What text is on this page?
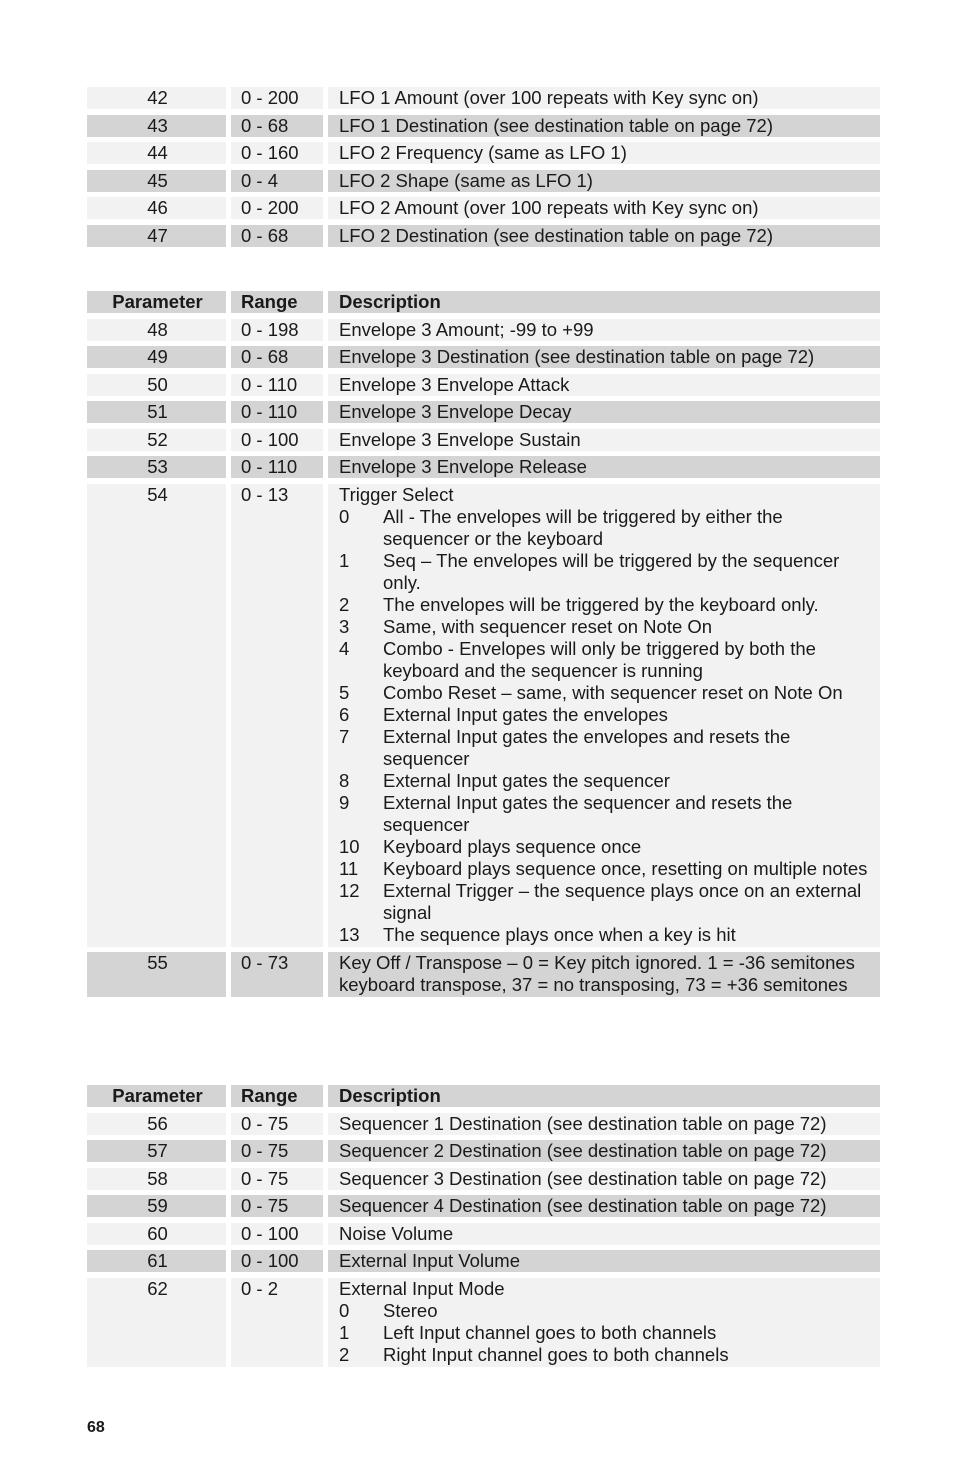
42	0 - 200	LFO 1 Amount (over 100 repeats with Key sync on)
43	0 - 68	LFO 1 Destination (see destination table on page 72)
44	0 - 160	LFO 2 Frequency (same as LFO 1)
45	0 - 4	LFO 2 Shape (same as LFO 1)
46	0 - 200	LFO 2 Amount (over 100 repeats with Key sync on)
47	0 - 68	LFO 2 Destination (see destination table on page 72)
Parameter	Range	Description
48	0 - 198	Envelope 3 Amount; -99 to +99
49	0 - 68	Envelope 3 Destination (see destination table on page 72)
50	0 - 110	Envelope 3 Envelope Attack
51	0 - 110	Envelope 3 Envelope Decay
52	0 - 100	Envelope 3 Envelope Sustain
53	0 - 110	Envelope 3 Envelope Release
54	0 - 13	Trigger Select
0	All - The envelopes will be triggered by either the sequencer or the keyboard
1	Seq – The envelopes will be triggered by the sequencer only.
2	The envelopes will be triggered by the keyboard only.
3	Same, with sequencer reset on Note On
4	Combo - Envelopes will only be triggered by both the keyboard and the sequencer is running
5	Combo Reset – same, with sequencer reset on Note On
6	External Input gates the envelopes
7	External Input gates the envelopes and resets the sequencer
8	External Input gates the sequencer
9	External Input gates the sequencer and resets the sequencer
10	Keyboard plays sequence once
11	Keyboard plays sequence once, resetting on multiple notes
12	External Trigger – the sequence plays once on an external signal
13	The sequence plays once when a key is hit
55	0 - 73	Key Off / Transpose – 0 = Key pitch ignored. 1 = -36 semitones keyboard transpose, 37 = no transposing, 73 = +36 semitones
Parameter	Range	Description
56	0 - 75	Sequencer 1 Destination (see destination table on page 72)
57	0 - 75	Sequencer 2 Destination (see destination table on page 72)
58	0 - 75	Sequencer 3 Destination (see destination table on page 72)
59	0 - 75	Sequencer 4 Destination (see destination table on page 72)
60	0 - 100	Noise Volume
61	0 - 100	External Input Volume
62	0 - 2	External Input Mode
0	Stereo
1	Left Input channel goes to both channels
2	Right Input channel goes to both channels
68
